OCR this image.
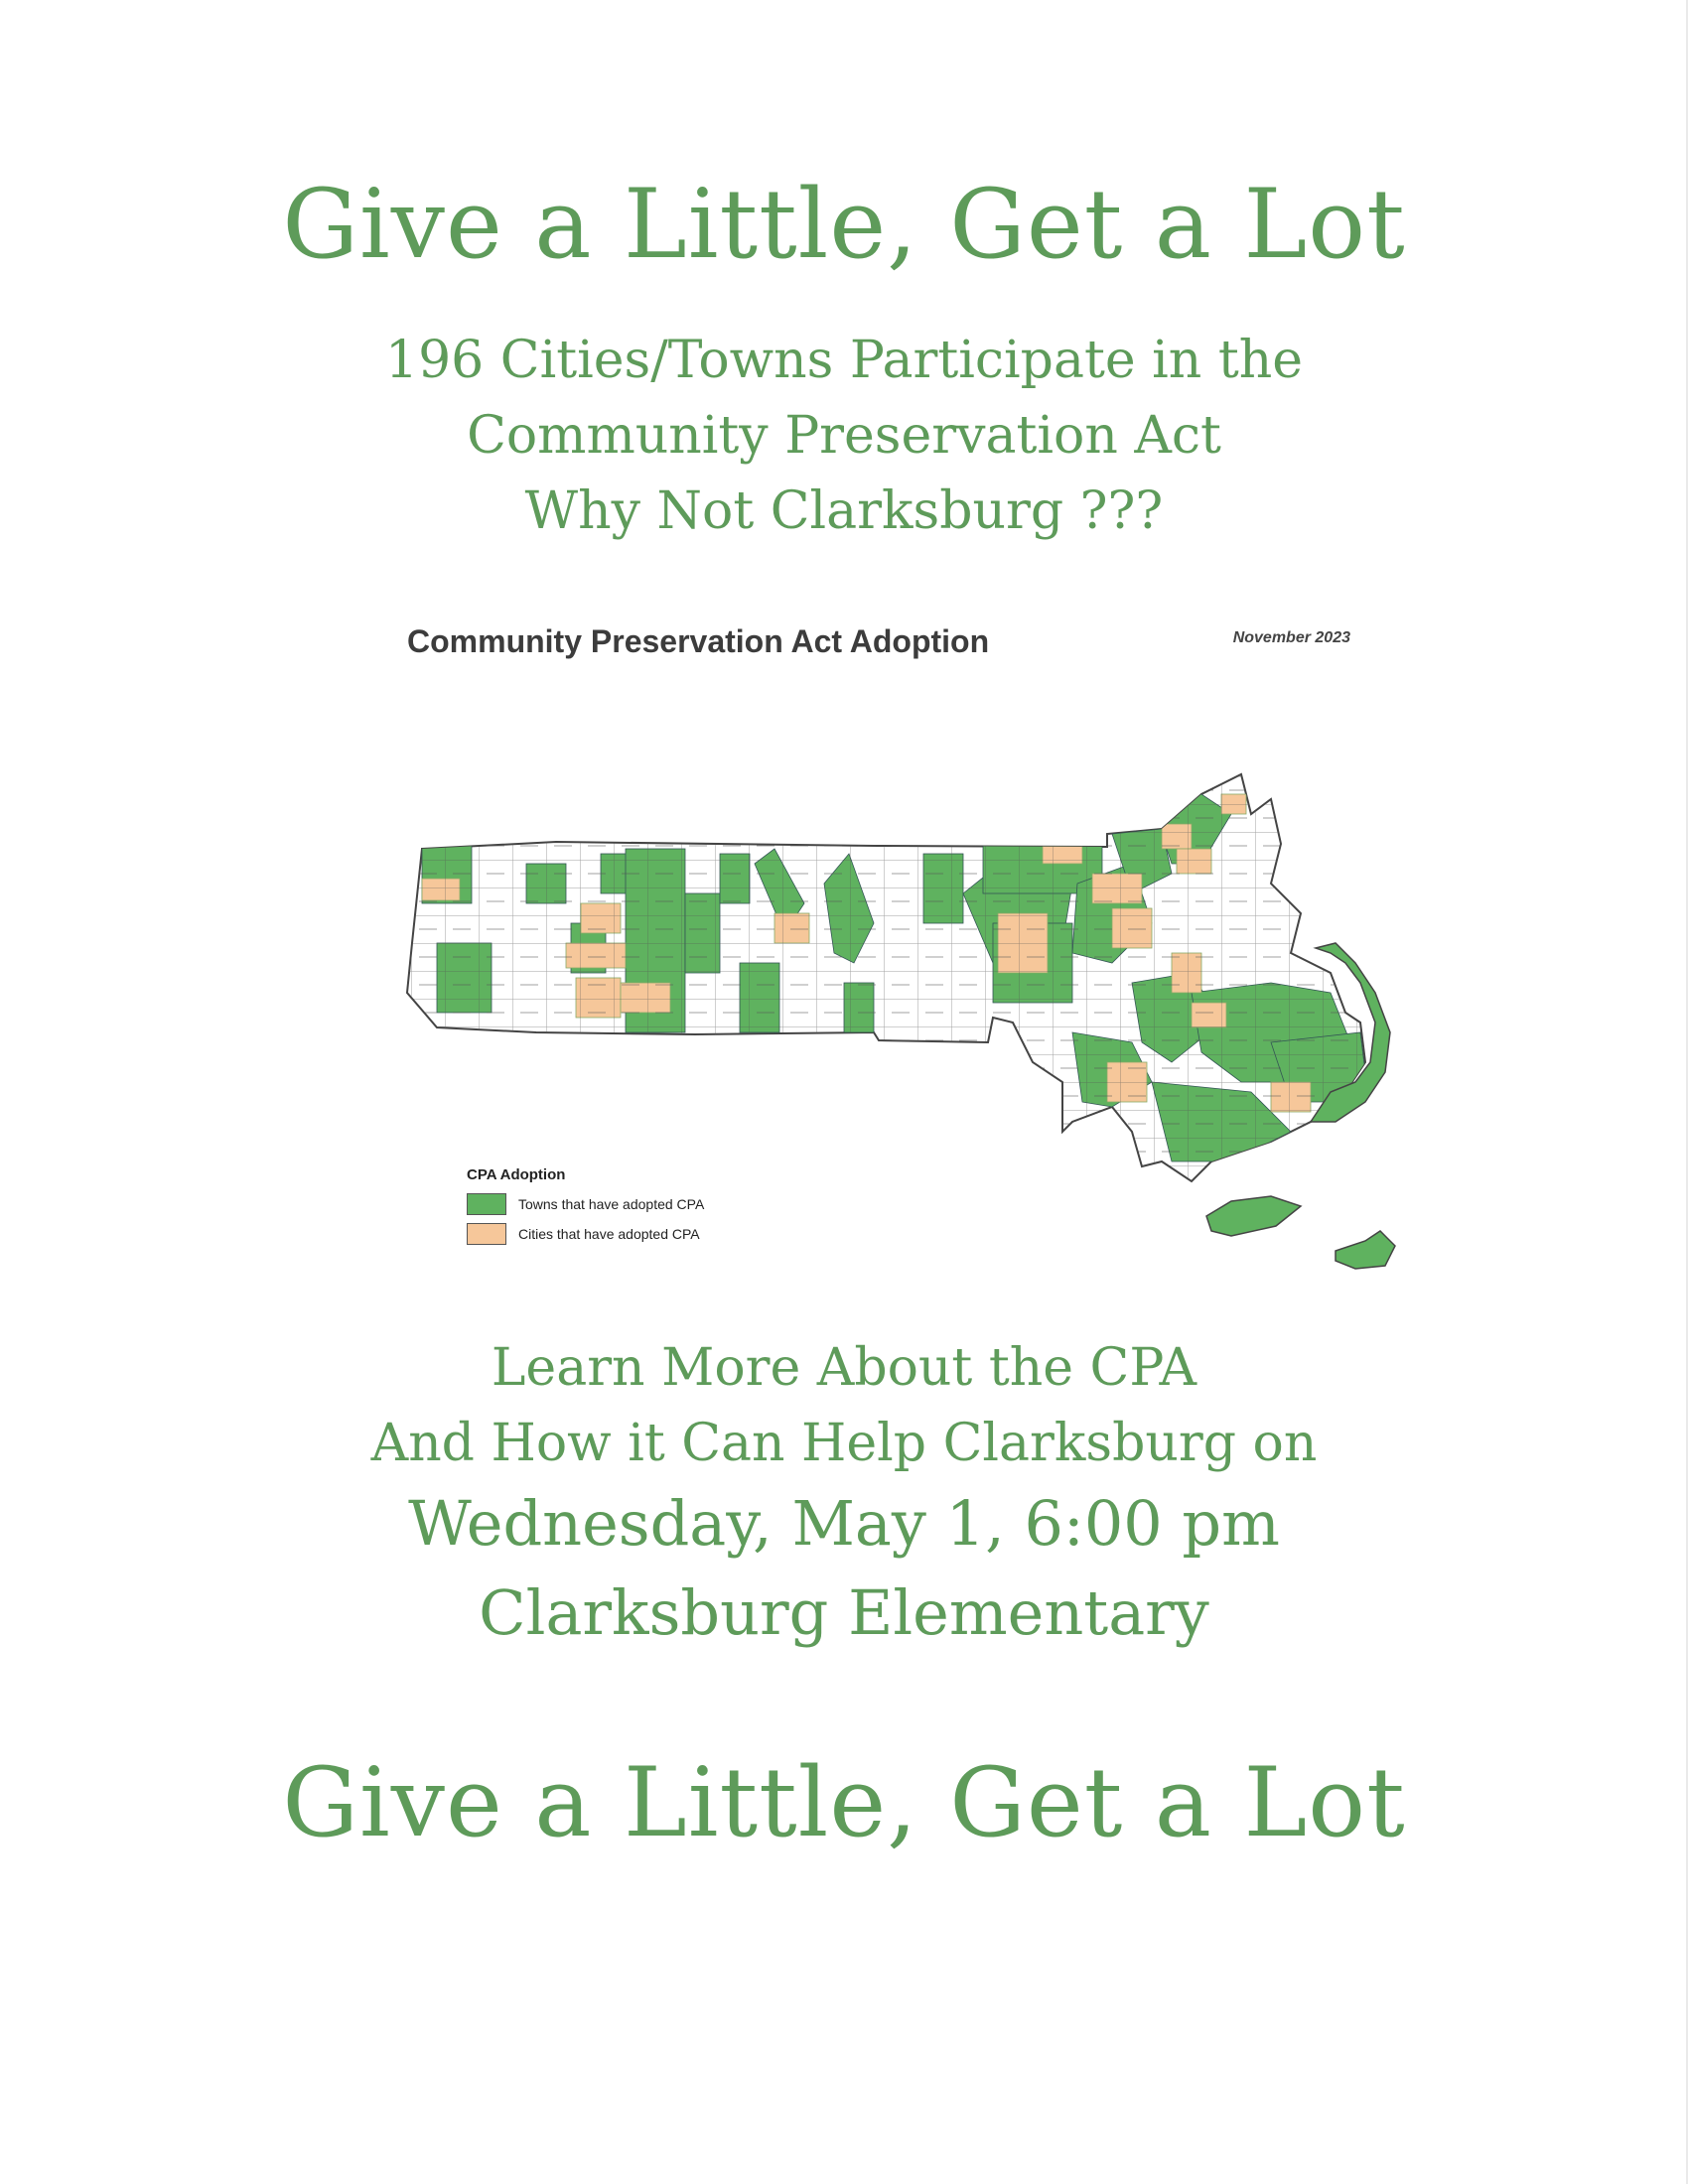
Give a Little, Get a Lot
196 Cities/Towns Participate in the
Community Preservation Act
Why Not Clarksburg ???
Community Preservation Act Adoption	November 2023
CPA Adoption
Towns that have adopted CPA
Cities that have adopted CPA
Learn More About the CPA
And How it Can Help Clarksburg on
Wednesday, May 1, 6:00 pm
Clarksburg Elementary
Give a Little, Get a Lot
